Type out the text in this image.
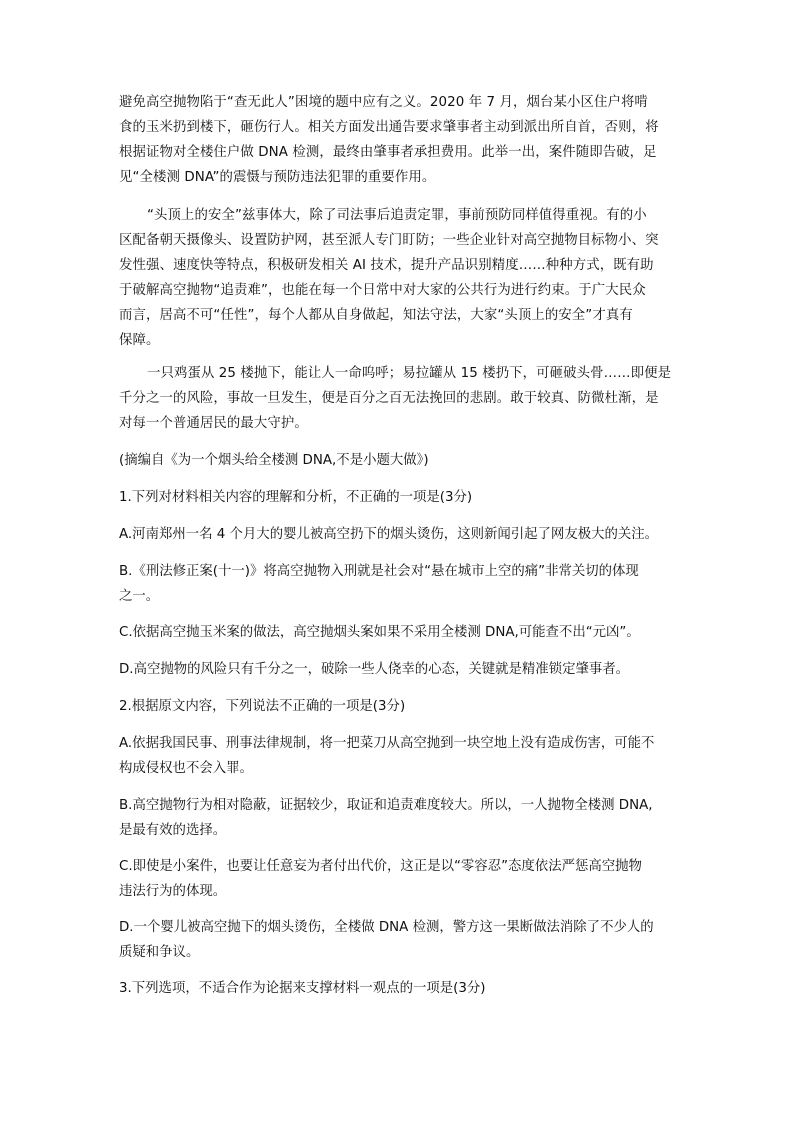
避免高空抛物陷于“查无此人”困境的题中应有之义。2020 年 7 月，烟台某小区住户将啃
食的玉米扔到楼下，砸伤行人。相关方面发出通告要求肇事者主动到派出所自首，否则，将
根据证物对全楼住户做 DNA 检测，最终由肇事者承担费用。此举一出，案件随即告破，足
见“全楼测 DNA”的震慑与预防违法犯罪的重要作用。
“头顶上的安全”兹事体大，除了司法事后追责定罪，事前预防同样值得重视。有的小
区配备朝天摄像头、设置防护网，甚至派人专门盯防；一些企业针对高空抛物目标物小、突
发性强、速度快等特点，积极研发相关 AI 技术，提升产品识别精度……种种方式，既有助
于破解高空抛物“追责难”，也能在每一个日常中对大家的公共行为进行约束。于广大民众
而言，居高不可“任性”，每个人都从自身做起，知法守法，大家“头顶上的安全”才真有
保障。
一只鸡蛋从 25 楼抛下，能让人一命呜呼；易拉罐从 15 楼扔下，可砸破头骨……即便是
千分之一的风险，事故一旦发生，便是百分之百无法挽回的悲剧。敢于较真、防微杜渐，是
对每一个普通居民的最大守护。
(摘编自《为一个烟头给全楼测 DNA,不是小题大做》)
1.下列对材料相关内容的理解和分析，不正确的一项是(3分)
A.河南郑州一名 4 个月大的婴儿被高空扔下的烟头烫伤，这则新闻引起了网友极大的关注。
B.《刑法修正案(十一)》将高空抛物入刑就是社会对“悬在城市上空的痛”非常关切的体现
之一。
C.依据高空抛玉米案的做法，高空抛烟头案如果不采用全楼测 DNA,可能查不出“元凶”。
D.高空抛物的风险只有千分之一，破除一些人侥幸的心态，关键就是精准锁定肇事者。
2.根据原文内容，下列说法不正确的一项是(3分)
A.依据我国民事、刑事法律规制，将一把菜刀从高空抛到一块空地上没有造成伤害，可能不
构成侵权也不会入罪。
B.高空抛物行为相对隐蔽，证据较少，取证和追责难度较大。所以，一人抛物全楼测 DNA,
是最有效的选择。
C.即使是小案件，也要让任意妄为者付出代价，这正是以“零容忍”态度依法严惩高空抛物
违法行为的体现。
D.一个婴儿被高空抛下的烟头烫伤，全楼做 DNA 检测，警方这一果断做法消除了不少人的
质疑和争议。
3.下列选项，不适合作为论据来支撑材料一观点的一项是(3分)
